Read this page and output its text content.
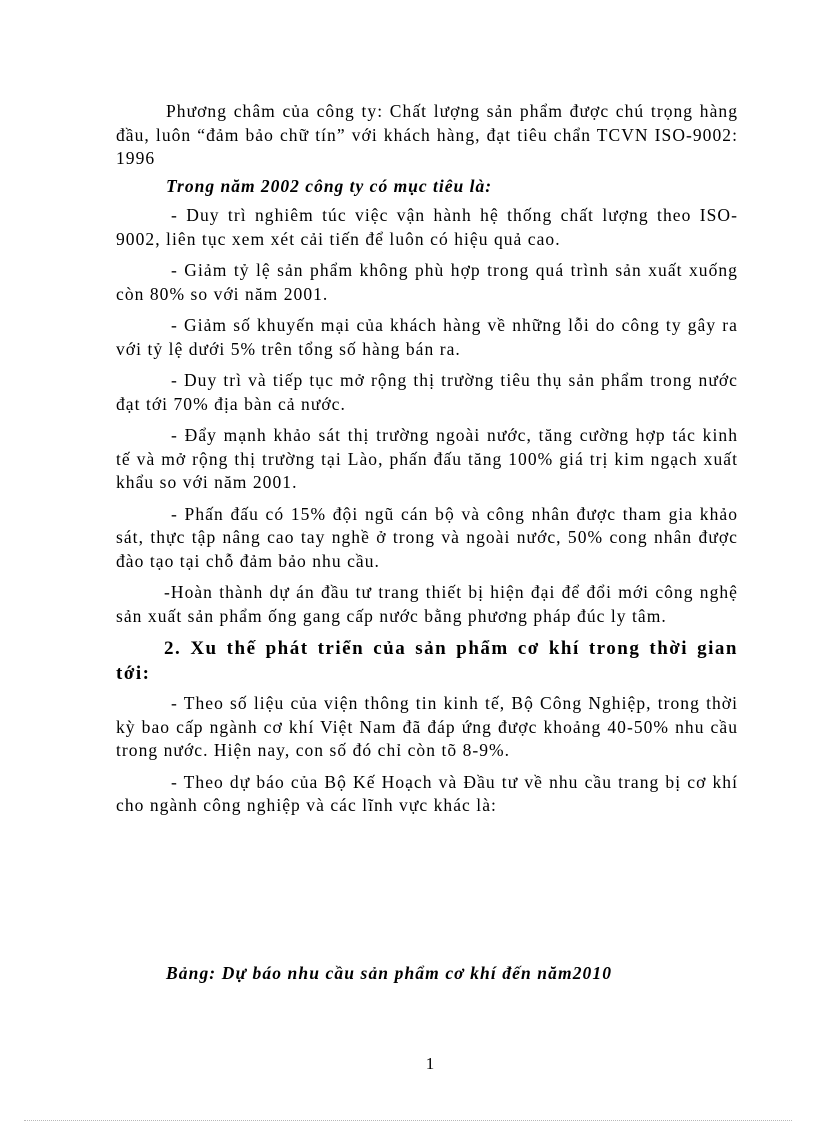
Phương châm của công ty: Chất lượng sản phẩm được chú trọng hàng đầu, luôn “đảm bảo chữ tín” với khách hàng, đạt tiêu chẩn TCVN ISO-9002: 1996

Trong năm 2002 công ty có mục tiêu là:

- Duy trì nghiêm túc việc vận hành hệ thống chất lượng theo ISO-9002, liên tục xem xét cải tiến để luôn có hiệu quả cao.

- Giảm tỷ lệ sản phẩm không phù hợp trong quá trình sản xuất xuống còn 80% so với năm 2001.

- Giảm số khuyến mại của khách hàng về những lỗi do công ty gây ra với tỷ lệ dưới 5% trên tổng số hàng bán ra.

- Duy trì và tiếp tục mở rộng thị trường tiêu thụ sản phẩm trong nước đạt tới 70% địa bàn cả nước.

- Đẩy mạnh khảo sát thị trường ngoài nước, tăng cường hợp tác kinh tế và mở rộng thị trường tại Lào, phấn đấu tăng 100% giá trị kim ngạch xuất khẩu so với năm 2001.

- Phấn đấu có 15% đội ngũ cán bộ và công nhân được tham gia khảo sát, thực tập nâng cao tay nghề ở trong và ngoài nước, 50% cong nhân được đào tạo tại chỗ đảm bảo nhu cầu.

-Hoàn thành dự án đầu tư trang thiết bị hiện đại để đổi mới công nghệ sản xuất sản phẩm ống gang cấp nước bằng phương pháp đúc ly tâm.

2. Xu thế phát triển của sản phẩm cơ khí trong thời gian tới:

- Theo số liệu của viện thông tin kinh tế, Bộ Công Nghiệp, trong thời kỳ bao cấp ngành cơ khí Việt Nam đã đáp ứng được khoảng 40-50% nhu cầu trong nước. Hiện nay, con số đó chỉ còn tõ 8-9%.

- Theo dự báo của Bộ Kế Hoạch và Đầu tư về nhu cầu trang bị cơ khí cho ngành công nghiệp và các lĩnh vực khác là:

Bảng: Dự báo nhu cầu sản phẩm cơ khí đến năm2010

1
